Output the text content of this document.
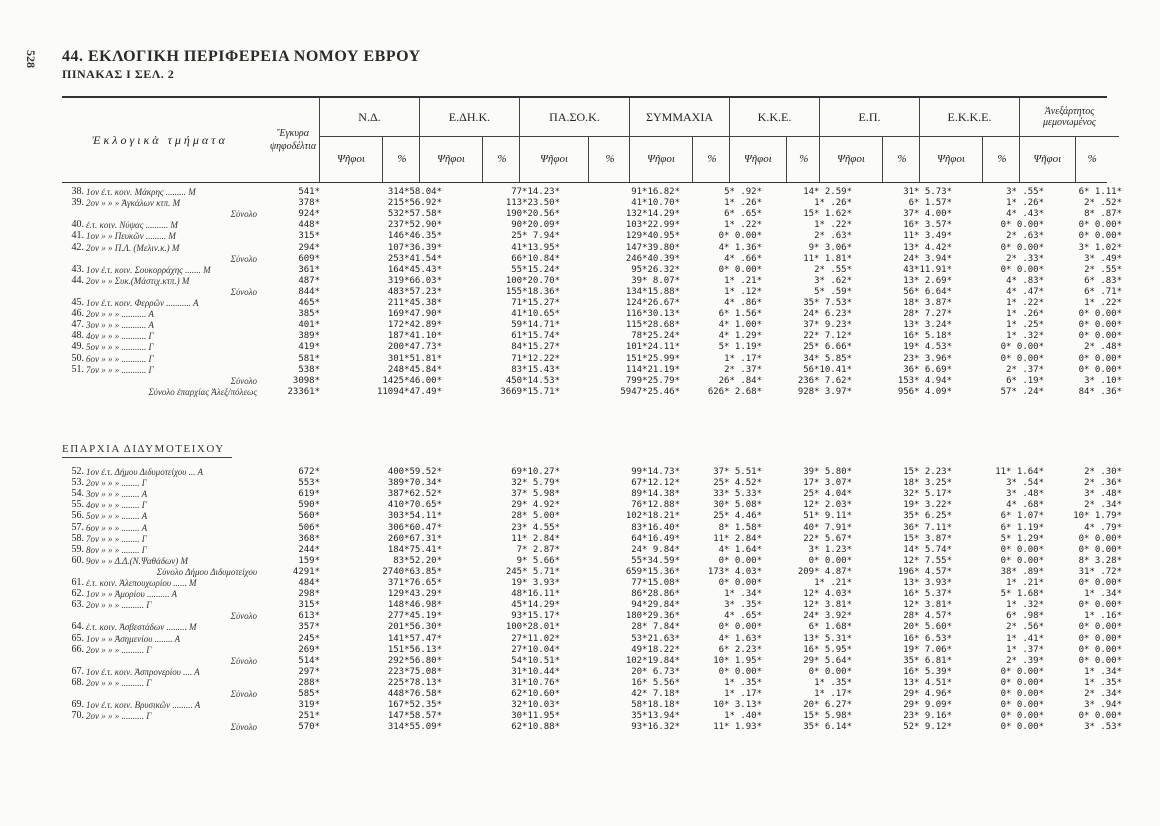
528 44. ΕΚΛΟΓΙΚΗ ΠΕΡΙΦΕΡΕΙΑ ΝΟΜΟΥ ΕΒΡΟΥ
ΠΙΝΑΚΑΣ I ΣΕΛ. 2
Ἐκλογικὰ τμήματα	Ἔγκυρα ψηφοδέλτια
Ν.Δ.
Ψῆφοι	%
Ε.ΔΗ.Κ.
Ψῆφοι	%
ΠΑ.ΣΟ.Κ.
Ψῆφοι	%
ΣΥΜΜΑΧΙΑ
Ψῆφοι	%
Κ.Κ.Ε.
Ψῆφοι	%
Ε.Π.
Ψῆφοι	%
Ε.Κ.Κ.Ε.
Ψῆφοι	%
Ἀνεξάρτητος μεμονωμένος
Ψῆφοι	%
38. 1ον ἐ.τ. κοιν. Μάκρης ......... Μ	541*	314*58.04*	77*14.23*	91*16.82*	5* .92*	14* 2.59*	31* 5.73*	3* .55*	6* 1.11*
39. 2ον » » » Ἀγκάλων κτπ. Μ	378*	215*56.92*	113*23.50*	41*10.70*	1* .26*	1* .26*	6* 1.57*	1* .26*	2* .52*
Σύνολο	924*	532*57.58*	190*20.56*	132*14.29*	6* .65*	15* 1.62*	37* 4.00*	4* .43*	8* .87*
40. ἐ.τ. κοιν. Νύψας .......... Μ	448*	237*52.90*	90*20.09*	103*22.99*	1* .22*	1* .22*	16* 3.57*	0* 0.00*	0* 0.00*
41. 1ον » » Πευκῶν ......... Μ	315*	146*46.35*	25* 7.94*	129*40.95*	0* 0.00*	2* .63*	11* 3.49*	2* .63*	0* 0.00*
42. 2ον » » Π.Λ. (Μελιν.κ.) Μ	294*	107*36.39*	41*13.95*	147*39.80*	4* 1.36*	9* 3.06*	13* 4.42*	0* 0.00*	3* 1.02*
Σύνολο	609*	253*41.54*	66*10.84*	246*40.39*	4* .66*	11* 1.81*	24* 3.94*	2* .33*	3* .49*
43. 1ον ἐ.τ. κοιν. Σουκορράχης ....... Μ	361*	164*45.43*	55*15.24*	95*26.32*	0* 0.00*	2* .55*	43*11.91*	0* 0.00*	2* .55*
44. 2ον » » Συκ.(Μάστιχ.κτπ.) Μ	487*	319*66.03*	100*20.70*	39* 8.07*	1* .21*	3* .62*	13* 2.69*	4* .83*	6* .83*
Σύνολο	844*	483*57.23*	155*18.36*	134*15.88*	1* .12*	5* .59*	56* 6.64*	4* .47*	6* .71*
45. 1ον ἐ.τ. κοιν. Φερρῶν ........... Α	465*	211*45.38*	71*15.27*	124*26.67*	4* .86*	35* 7.53*	18* 3.87*	1* .22*	1* .22*
46. 2ον » » » ........... Α	385*	169*47.90*	41*10.65*	116*30.13*	6* 1.56*	24* 6.23*	28* 7.27*	1* .26*	0* 0.00*
47. 3ον » » » ........... Α	401*	172*42.89*	59*14.71*	115*28.68*	4* 1.00*	37* 9.23*	13* 3.24*	1* .25*	0* 0.00*
48. 4ον » » » ........... Γ	389*	187*41.10*	61*15.74*	78*25.24*	4* 1.29*	22* 7.12*	16* 5.18*	1* .32*	0* 0.00*
49. 5ον » » » ........... Γ	419*	200*47.73*	84*15.27*	101*24.11*	5* 1.19*	25* 6.66*	19* 4.53*	0* 0.00*	2* .48*
50. 6ον » » » ........... Γ	581*	301*51.81*	71*12.22*	151*25.99*	1* .17*	34* 5.85*	23* 3.96*	0* 0.00*	0* 0.00*
51. 7ον » » » ........... Γ	538*	248*45.84*	83*15.43*	114*21.19*	2* .37*	56*10.41*	36* 6.69*	2* .37*	0* 0.00*
Σύνολο	3098*	1425*46.00*	450*14.53*	799*25.79*	26* .84*	236* 7.62*	153* 4.94*	6* .19*	3* .10*
Σύνολο ἐπαρχίας Ἀλεξ/πόλεως	23361*	11094*47.49*	3669*15.71*	5947*25.46*	626* 2.68*	928* 3.97*	956* 4.09*	57* .24*	84* .36*
ΕΠΑΡΧΙΑ ΔΙΔΥΜΟΤΕΙΧΟΥ
52. 1ον ἐ.τ. Δήμου Διδυμοτείχου ... Α	672*	400*59.52*	69*10.27*	99*14.73*	37* 5.51*	39* 5.80*	15* 2.23*	11* 1.64*	2* .30*
53. 2ον » » » ........ Γ	553*	389*70.34*	32* 5.79*	67*12.12*	25* 4.52*	17* 3.07*	18* 3.25*	3* .54*	2* .36*
54. 3ον » » » ........ Α	619*	387*62.52*	37* 5.98*	89*14.38*	33* 5.33*	25* 4.04*	32* 5.17*	3* .48*	3* .48*
55. 4ον » » » ........ Γ	590*	410*70.65*	29* 4.92*	76*12.88*	30* 5.08*	12* 2.03*	19* 3.22*	4* .68*	2* .34*
56. 5ον » » » ........ Α	560*	303*54.11*	28* 5.00*	102*18.21*	25* 4.46*	51* 9.11*	35* 6.25*	6* 1.07*	10* 1.79*
57. 6ον » » » ........ Α	506*	306*60.47*	23* 4.55*	83*16.40*	8* 1.58*	40* 7.91*	36* 7.11*	6* 1.19*	4* .79*
58. 7ον » » » ........ Γ	368*	260*67.31*	11* 2.84*	64*16.49*	11* 2.84*	22* 5.67*	15* 3.87*	5* 1.29*	0* 0.00*
59. 8ον » » » ........ Γ	244*	184*75.41*	7* 2.87*	24* 9.84*	4* 1.64*	3* 1.23*	14* 5.74*	0* 0.00*	0* 0.00*
60. 9ον » » Δ.Δ.(Ν.Ψαθάδων) Μ	159*	83*52.20*	9* 5.66*	55*34.59*	0* 0.00*	0* 0.00*	12* 7.55*	0* 0.00*	8* 3.28*
Σύνολο Δήμου Διδυμοτείχου	4291*	2740*63.85*	245* 5.71*	659*15.36*	173* 4.03*	209* 4.87*	196* 4.57*	38* .89*	31* .72*
61. ἐ.τ. κοιν. Ἀλεπουχωρίου ...... Μ	484*	371*76.65*	19* 3.93*	77*15.08*	0* 0.00*	1* .21*	13* 3.93*	1* .21*	0* 0.00*
62. 1ον » » Ἀμορίου .......... Α	298*	129*43.29*	48*16.11*	86*28.86*	1* .34*	12* 4.03*	16* 5.37*	5* 1.68*	1* .34*
63. 2ον » » » .......... Γ	315*	148*46.98*	45*14.29*	94*29.84*	3* .35*	12* 3.81*	12* 3.81*	1* .32*	0* 0.00*
Σύνολο	613*	277*45.19*	93*15.17*	180*29.36*	4* .65*	24* 3.92*	28* 4.57*	6* .98*	1* .16*
64. ἐ.τ. κοιν. Ἀσβεστάδων ......... Μ	357*	201*56.30*	100*28.01*	28* 7.84*	0* 0.00*	6* 1.68*	20* 5.60*	2* .56*	0* 0.00*
65. 1ον » » Ἀσημενίου ........ Α	245*	141*57.47*	27*11.02*	53*21.63*	4* 1.63*	13* 5.31*	16* 6.53*	1* .41*	0* 0.00*
66. 2ον » » » .......... Γ	269*	151*56.13*	27*10.04*	49*18.22*	6* 2.23*	16* 5.95*	19* 7.06*	1* .37*	0* 0.00*
Σύνολο	514*	292*56.80*	54*10.51*	102*19.84*	10* 1.95*	29* 5.64*	35* 6.81*	2* .39*	0* 0.00*
67. 1ον ἐ.τ. κοιν. Ἀσπρονερίου .... Α	297*	223*75.08*	31*10.44*	20* 6.73*	0* 0.00*	0* 0.00*	16* 5.39*	0* 0.00*	1* .34*
68. 2ον » » » .......... Γ	288*	225*78.13*	31*10.76*	16* 5.56*	1* .35*	1* .35*	13* 4.51*	0* 0.00*	1* .35*
Σύνολο	585*	448*76.58*	62*10.60*	42* 7.18*	1* .17*	1* .17*	29* 4.96*	0* 0.00*	2* .34*
69. 1ον ἐ.τ. κοιν. Βρυσικῶν ......... Α	319*	167*52.35*	32*10.03*	58*18.18*	10* 3.13*	20* 6.27*	29* 9.09*	0* 0.00*	3* .94*
70. 2ον » » » .......... Γ	251*	147*58.57*	30*11.95*	35*13.94*	1* .40*	15* 5.98*	23* 9.16*	0* 0.00*	0* 0.00*
Σύνολο	570*	314*55.09*	62*10.88*	93*16.32*	11* 1.93*	35* 6.14*	52* 9.12*	0* 0.00*	3* .53*
